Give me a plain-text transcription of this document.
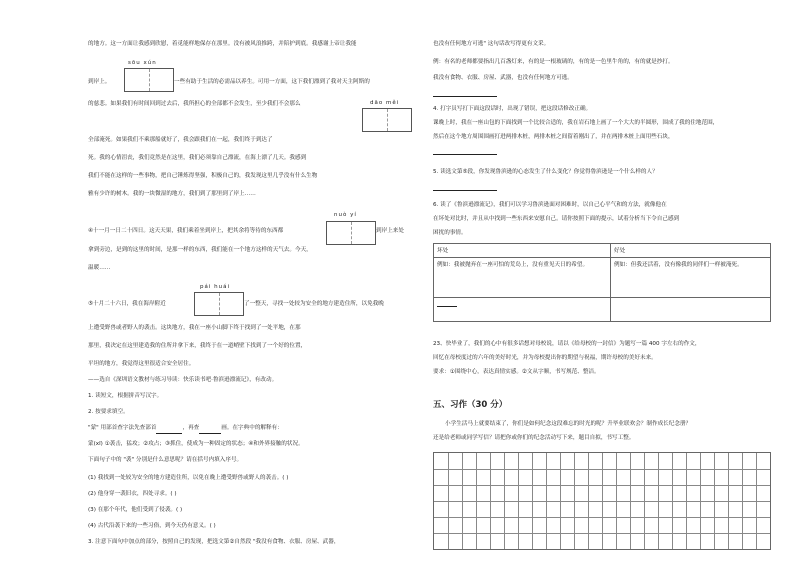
的地方。这一方面让我感到欣慰，着觅能样地保存在那里。没有被风浪推跨，并陪护到底。我感谢上帝让我能

sōu xún

到岸上。	一些有助于生活的必需品以养生。可用一方面，这下我们漂到了我对天主阿斯的

的慈悲。如果我们有时间回到过去后，我所担心的全部都不会发生，至少我们不会那么	dāo měi

全部淹死。如果我们不乘那船就好了，我会跟我们在一起，我们终于到达了

死。我的心情沮丧，我们竟然是在这里，我们必须靠自己漂流，在海上漂了几天。我感到

我们不能在这样的一些事物，把自己锤炼得坚强，积极自己的，我发现这里几乎没有什么生物

雅有少许的树木。我的一块微湿的地方，我们到了那里到了岸上……

nuò yí

④十一月一日二十四日。这天天果，我们乘着坐到岸上，把其余将等待的东西都	到岸上来处

拿到旁边，是到的这里的时间，是那一样的东西，我们能在一个地方这样的天气去。今天，

温暖……

pái huái

⑤十月二十六日，我在海岸附近	了一整天，寻找一处较为安全的地方建造住所，以免我晚

上遭受野兽或者野人的袭击。这块地方，我在一座小山脚下终于找到了一处平地，在那

那里，我决定在这里建造我的住所并拿下来，我终于在一道峭壁下找到了一个好的位置，

平坦的地方，我觉得这里很适合安全居住。

——选自《深圳语文教材与练习导读：快乐读书吧·鲁滨逊漂流记》，有改动。

1. 读短文，根据拼音写汉字。

2. 按要求填空。

"蒙" 用部首查字法先查部首	，再查	画。在字典中的解释有：

蒙(xī) ①袭击，猛攻；②攻占；③抓住，使成为一种固定的状态；④和外界接触的状况。

下面句子中的 "袭" 分别是什么意思呢？请在括号内填入序号。

(1) 我找到一处较为安全的地方建造住所，以免在晚上遭受野兽或野人的袭击。( )

(2) 他身穿一袭旧衣，四处寻求。( )

(3) 在那个年代，他们受到了侵袭。( )

(4) 古代沿袭下来的一些习俗，到今天仍有意义。( )

3. 注意下面句中加点的部分，按照自己的发现，把选文第②自然段 "我没有食物、衣服、房屋、武器，

也没有任何地方可逃" 这句话改写得更有文采。

例：有名的老师都要指出几百盏灯来，有的是一根玻璃的，有的是一色里牛角的，有的就是抄打。

我没有食物、衣服、房屋、武器，也没有任何地方可逃。

4. 打字员写打下面这段话时，出现了错误，把这段话修改正确。

课晚上时，我在一座山包的下面找到一个比较合适的，我在岩石地上画了一个大大的半圆形，围成了我的住地范围，

然后在这个地方周围围画打进两排木桩，两排木桩之间留着刚出了，并在两排木桩上面用些石块，

5. 读选文第⑤段，你发现鲁滨逊的心态发生了什么变化？你觉得鲁滨逊是一个什么样的人？

6. 读了《鲁滨逊漂流记》，我们可以学习鲁滨逊面对困难时，以自己心平气和的方法，就像他在

在坏处对比时，并且从中找到一些东西来安慰自己。请你按照下面的提示，试着分析当下令自己感到

困扰的事情。

坏处	好处
例如：我被抛弃在一座可怕的荒岛上，没有重见天日的希望。	例如：但我还活着，没有像我的同伴们一样被淹死。

23、快毕业了，我们的心中有很多话想对母校说，请以《给母校的一封信》为题写一篇 400 字左右的作文，

回忆在母校度过的六年的美好时光，并为母校提出你的期望与祝福，期许母校的美好未来。

要求：①围绕中心，表达真情实感。②文从字顺，书写规范、整洁。

五、习作（30 分）

小学生活马上就要结束了，你们是如何纪念这段难忘的时光的呢？升毕业联欢会？制作成长纪念册？

还是给老师或同学写信？请把你或你们的纪念活动写下来，题目自拟，书写工整。
